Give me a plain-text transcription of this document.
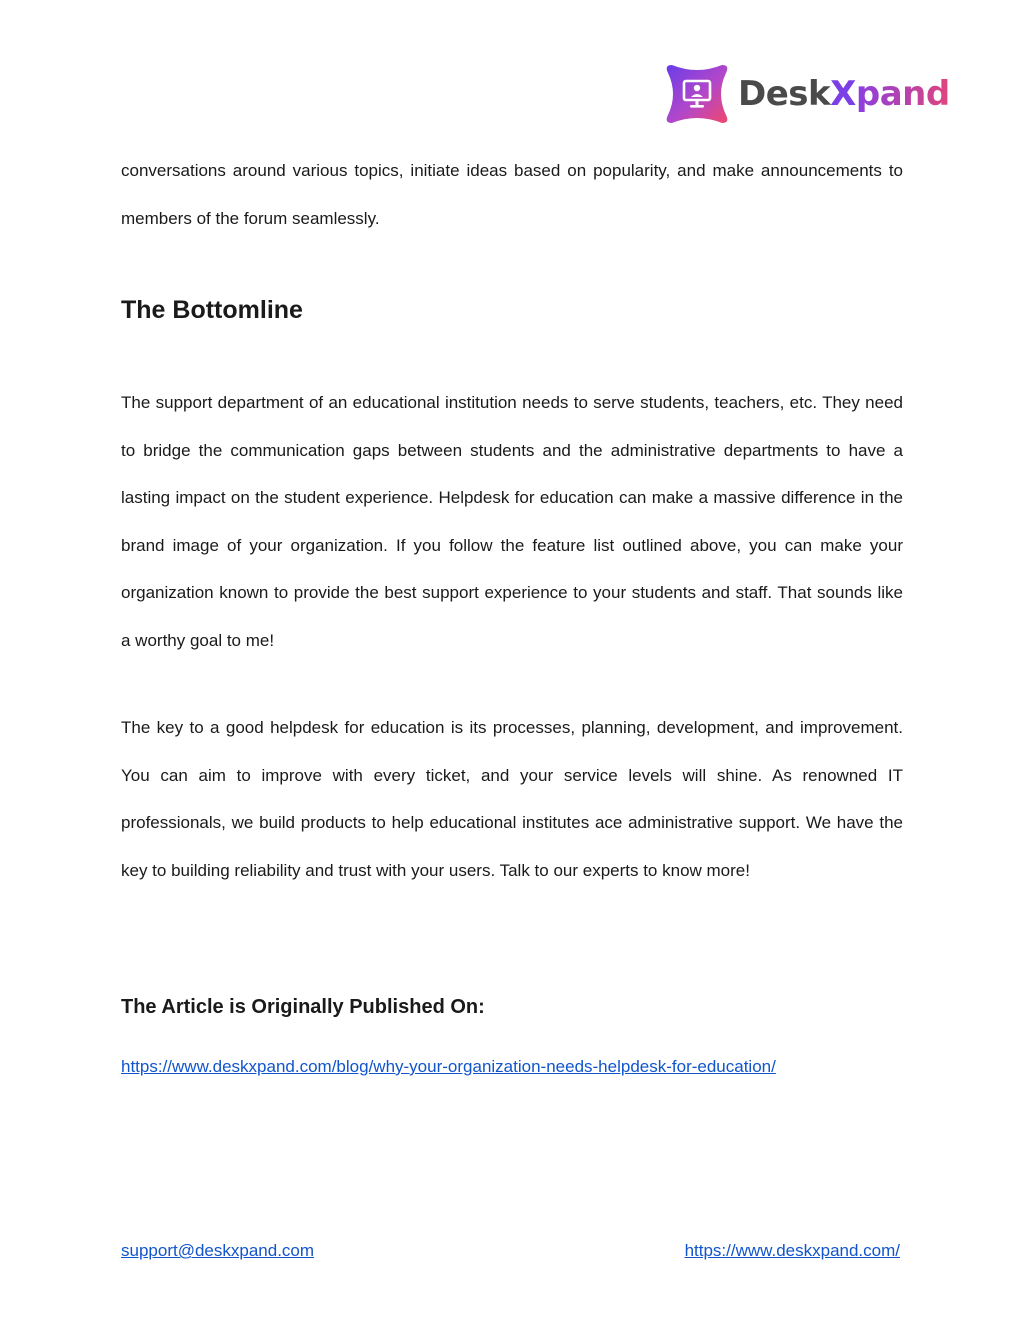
DeskXpand

conversations around various topics, initiate ideas based on popularity, and make announcements to members of the forum seamlessly.

The Bottomline

The support department of an educational institution needs to serve students, teachers, etc. They need to bridge the communication gaps between students and the administrative departments to have a lasting impact on the student experience. Helpdesk for education can make a massive difference in the brand image of your organization. If you follow the feature list outlined above, you can make your organization known to provide the best support experience to your students and staff. That sounds like a worthy goal to me!

The key to a good helpdesk for education is its processes, planning, development, and improvement. You can aim to improve with every ticket, and your service levels will shine. As renowned IT professionals, we build products to help educational institutes ace administrative support. We have the key to building reliability and trust with your users. Talk to our experts to know more!

The Article is Originally Published On:
https://www.deskxpand.com/blog/why-your-organization-needs-helpdesk-for-education/
support@deskxpand.com	https://www.deskxpand.com/
